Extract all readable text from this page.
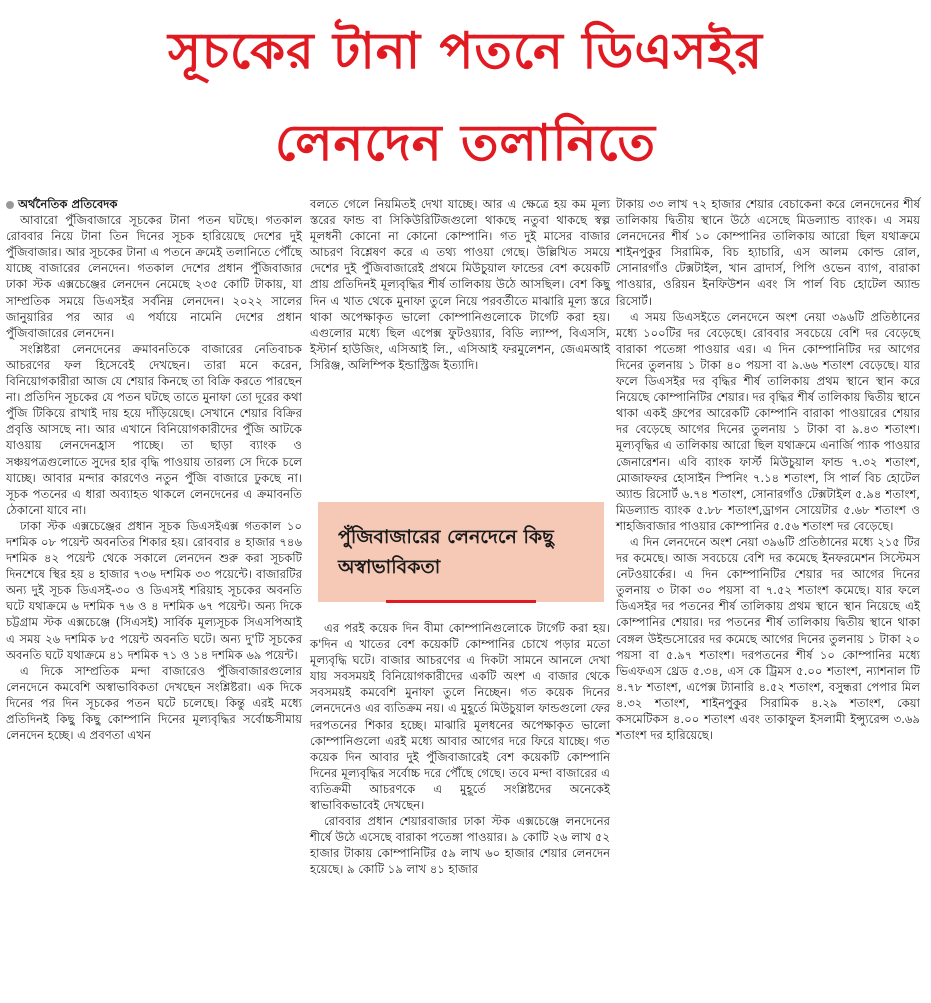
সূচকের টানা পতনে ডিএসইর
লেনদেন তলানিতে

অর্থনৈতিক প্রতিবেদক

আবারো পুঁজিবাজারে সূচকের টানা পতন ঘটছে। গতকাল রোববার নিয়ে টানা তিন দিনের সূচক হারিয়েছে দেশের দুই পুঁজিবাজার। আর সূচকের টানা এ পতনে ক্রমেই তলানিতে পৌঁছে যাচ্ছে বাজারের লেনদেন। গতকাল দেশের প্রধান পুঁজিবাজার ঢাকা স্টক এক্সচেঞ্জের লেনদেন নেমেছে ২৩৫ কোটি টাকায়, যা সাম্প্রতিক সময়ে ডিএসইর সর্বনিম্ন লেনদেন। ২০২২ সালের জানুয়ারির পর আর এ পর্যায়ে নামেনি দেশের প্রধান পুঁজিবাজারের লেনদেন।

সংশ্লিষ্টরা লেনদেনের ক্রমাবনতিকে বাজারের নেতিবাচক আচরণের ফল হিসেবেই দেখছেন। তারা মনে করেন, বিনিয়োগকারীরা আজ যে শেয়ার কিনছে তা বিক্রি করতে পারছেন না। প্রতিদিন সূচকের যে পতন ঘটছে তাতে মুনাফা তো দূরের কথা পুঁজি টিকিয়ে রাখাই দায় হয়ে দাঁড়িয়েছে। সেখানে শেয়ার বিক্রির প্রবৃত্তি আসছে না। আর এখানে বিনিয়োগকারীদের পুঁজি আটকে যাওয়ায় লেনদেনহ্রাস পাচ্ছে। তা ছাড়া ব্যাংক ও সঞ্চয়পত্রগুলোতে সুদের হার বৃদ্ধি পাওয়ায় তারল্য সে দিকে চলে যাচ্ছে। আবার মন্দার কারণেও নতুন পুঁজি বাজারে ঢুকছে না। সূচক পতনের এ ধারা অব্যাহত থাকলে লেনদেনের এ ক্রমাবনতি ঠেকানো যাবে না।

ঢাকা স্টক এক্সচেঞ্জের প্রধান সূচক ডিএসইএক্স গতকাল ১০ দশমিক ০৮ পয়েন্ট অবনতির শিকার হয়। রোববার ৪ হাজার ৭৪৬ দশমিক ৪২ পয়েন্ট থেকে সকালে লেনদেন শুরু করা সূচকটি দিনশেষে স্থির হয় ৪ হাজার ৭৩৬ দশমিক ৩৩ পয়েন্টে। বাজারটির অন্য দুই সূচক ডিএসই-৩০ ও ডিএসই শরিয়াহ সূচকের অবনতি ঘটে যথাক্রমে ৬ দশমিক ৭৬ ও ৪ দশমিক ৬৭ পয়েন্ট। অন্য দিকে চট্টগ্রাম স্টক এক্সচেঞ্জে (সিএসই) সার্বিক মূল্যসূচক সিএসপিআই এ সময় ২৬ দশমিক ৮৫ পয়েন্ট অবনতি ঘটে। অন্য দু'টি সূচকের অবনতি ঘটে যথাক্রমে ৪১ দশমিক ৭১ ও ১৪ দশমিক ৬৯ পয়েন্ট।

এ দিকে সাম্প্রতিক মন্দা বাজারেও পুঁজিবাজারগুলোর লেনদেনে কমবেশি অস্বাভাবিকতা দেখছেন সংশ্লিষ্টরা। এক দিকে দিনের পর দিন সূচকের পতন ঘটে চলেছে। কিন্তু এরই মধ্যে প্রতিদিনই কিছু কিছু কোম্পানি দিনের মূল্যবৃদ্ধির সর্বোচ্চসীমায় লেনদেন হচ্ছে। এ প্রবণতা এখন

বলতে গেলে নিয়মিতই দেখা যাচ্ছে। আর এ ক্ষেত্রে হয় কম মূল্য স্তরের ফান্ড বা সিকিউরিটিজগুলো থাকছে নতুবা থাকছে স্বল্প মূলধনী কোনো না কোনো কোম্পানি। গত দুই মাসের বাজার আচরণ বিশ্লেষণ করে এ তথ্য পাওয়া গেছে। উল্লিখিত সময়ে দেশের দুই পুঁজিবাজারেই প্রথমে মিউচুয়াল ফান্ডের বেশ কয়েকটি প্রায় প্রতিদিনই মূল্যবৃদ্ধির শীর্ষ তালিকায় উঠে আসছিল। বেশ কিছু দিন এ খাত থেকে মুনাফা তুলে নিয়ে পরবর্তীতে মাঝারি মূল্য স্তরে থাকা অপেক্ষাকৃত ভালো কোম্পানিগুলোকে টার্গেট করা হয়। এগুলোর মধ্যে ছিল এপেক্স ফুটওয়্যার, বিডি ল্যাম্প, বিএসসি, ইস্টার্ন হাউজিং, এসিআই লি., এসিআই ফরমুলেশন, জেএমআই সিরিঞ্জ, অলিম্পিক ইন্ডাস্ট্রিজ ইত্যাদি।

পুঁজিবাজারের লেনদেনে কিছু অস্বাভাবিকতা

এর পরই কয়েক দিন বীমা কোম্পানিগুলোকে টার্গেট করা হয়। ক'দিন এ খাতের বেশ কয়েকটি কোম্পানির চোখে পড়ার মতো মূল্যবৃদ্ধি ঘটে। বাজার আচরণের এ দিকটা সামনে আনলে দেখা যায় সবসময়ই বিনিয়োগকারীদের একটি অংশ এ বাজার থেকে সবসময়ই কমবেশি মুনাফা তুলে নিচ্ছেন। গত কয়েক দিনের লেনদেনেও এর ব্যতিক্রম নয়। এ মুহূর্তে মিউচুয়াল ফান্ডগুলো ফের দরপতনের শিকার হচ্ছে। মাঝারি মূলধনের অপেক্ষাকৃত ভালো কোম্পানিগুলো এরই মধ্যে আবার আগের দরে ফিরে যাচ্ছে। গত কয়েক দিন আবার দুই পুঁজিবাজারেই বেশ কয়েকটি কোম্পানি দিনের মূল্যবৃদ্ধির সর্বোচ্চ দরে পৌঁছে গেছে। তবে মন্দা বাজারের এ ব্যতিক্রমী আচরণকে এ মুহূর্তে সংশ্লিষ্টদের অনেকেই স্বাভাবিকভাবেই দেখছেন।

রোববার প্রধান শেয়ারবাজার ঢাকা স্টক এক্সচেঞ্জে লনদেনের শীর্ষে উঠে এসেছে বারাকা পতেঙ্গা পাওয়ার। ৯ কোটি ২৬ লাখ ৫২ হাজার টাকায় কোম্পানিটির ৫৯ লাখ ৬০ হাজার শেয়ার লেনদেন হয়েছে। ৯ কোটি ১৯ লাখ ৪১ হাজার

টাকায় ৩৩ লাখ ৭২ হাজার শেয়ার বেচাকেনা করে লেনদেনের শীর্ষ তালিকায় দ্বিতীয় স্থানে উঠে এসেছে মিডল্যান্ড ব্যাংক। এ সময় লেনদেনের শীর্ষ ১০ কোম্পানির তালিকায় আরো ছিল যথাক্রমে শাইনপুকুর সিরামিক, বিচ হ্যাচারি, এস আলম কোল্ড রোল, সোনারগাঁও টেক্সটাইল, খান ব্রাদার্স, পিপি ওভেন ব্যাগ, বারাকা পাওয়ার, ওরিয়ন ইনফিউশন এবং সি পার্ল বিচ হোটেল অ্যান্ড রিসোর্ট।

এ সময় ডিএসইতে লেনদেনে অংশ নেয়া ৩৯৬টি প্রতিষ্ঠানের মধ্যে ১০০টির দর বেড়েছে। রোববার সবচেয়ে বেশি দর বেড়েছে বারাকা পতেঙ্গা পাওয়ার এর। এ দিন কোম্পানিটির দর আগের দিনের তুলনায় ১ টাকা ৪০ পয়সা বা ৯.৬৬ শতাংশ বেড়েছে। যার ফলে ডিএসইর দর বৃদ্ধির শীর্ষ তালিকায় প্রথম স্থানে স্থান করে নিয়েছে কোম্পানিটির শেয়ার। দর বৃদ্ধির শীর্ষ তালিকায় দ্বিতীয় স্থানে থাকা একই গ্রুপের আরেকটি কোম্পানি বারাকা পাওয়ারের শেয়ার দর বেড়েছে আগের দিনের তুলনায় ১ টাকা বা ৯.৪৩ শতাংশ। মূল্যবৃদ্ধির এ তালিকায় আরো ছিল যথাক্রমে এনার্জি প্যাক পাওয়ার জেনারেশন। এবি ব্যাংক ফার্স্ট মিউচুয়াল ফান্ড ৭.৩২ শতাংশ, মোজাফফর হোসাইন স্পিনিং ৭.১৪ শতাংশ, সি পার্ল বিচ হোটেল অ্যান্ড রিসোর্ট ৬.৭৪ শতাংশ, সোনারগাঁও টেক্সটাইল ৫.৯৪ শতাংশ, মিডল্যান্ড ব্যাংক ৫.৮৮ শতাংশ,ড্রাগন সোয়েটার ৫.৬৮ শতাংশ ও শাহজিবাজার পাওয়ার কোম্পানির ৫.৫৬ শতাংশ দর বেড়েছে।

এ দিন লেনদেনে অংশ নেয়া ৩৯৬টি প্রতিষ্ঠানের মধ্যে ২১৫ টির দর কমেছে। আজ সবচেয়ে বেশি দর কমেছে ইনফরমেশন সিস্টেমস নেটওয়ার্কের। এ দিন কোম্পানিটির শেয়ার দর আগের দিনের তুলনায় ৩ টাকা ৩০ পয়সা বা ৭.৫২ শতাংশ কমেছে। যার ফলে ডিএসইর দর পতনের শীর্ষ তালিকায় প্রথম স্থানে স্থান নিয়েছে এই কোম্পানির শেয়ার। দর পতনের শীর্ষ তালিকায় দ্বিতীয় স্থানে থাকা বেঙ্গল উইন্ডসোরের দর কমেছে আগের দিনের তুলনায় ১ টাকা ২০ পয়সা বা ৫.৯৭ শতাংশ। দরপতনের শীর্ষ ১০ কোম্পানির মধ্যে ভিএফএস থ্রেড ৫.৩৪, এস কে ট্রিমস ৫.০০ শতাংশ, ন্যাশনাল টি ৪.৭৮ শতাংশ, এপেক্স ট্যানারি ৪.৫২ শতাংশ, বসুন্ধরা পেপার মিল ৪.৩২ শতাংশ, শাইনপুকুর সিরামিক ৪.২৯ শতাংশ, কেয়া কসমেটিকস ৪.০০ শতাংশ এবং তাকাফুল ইসলামী ইন্স্যুরেন্স ৩.৬৯ শতাংশ দর হারিয়েছে।
